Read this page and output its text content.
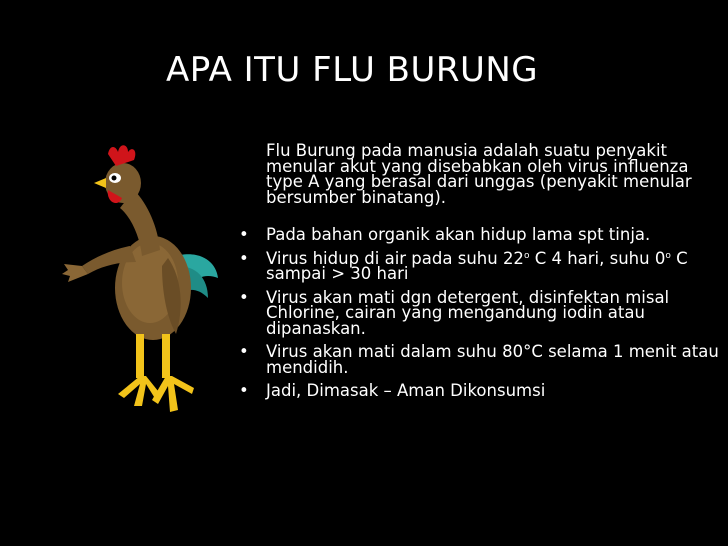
APA ITU FLU BURUNG

Flu Burung pada manusia adalah suatu penyakit menular akut yang disebabkan oleh virus influenza type A yang berasal dari unggas (penyakit menular bersumber binatang).

• Pada bahan organik akan hidup lama spt tinja.
• Virus hidup di air pada suhu 22$^o$ C 4 hari, suhu 0$^o$ C sampai > 30 hari
• Virus akan mati dgn detergent, disinfektan misal Chlorine, cairan yang mengandung iodin atau dipanaskan.
• Virus akan mati dalam suhu 80°C selama 1 menit atau mendidih.
• Jadi, Dimasak – Aman Dikonsumsi
